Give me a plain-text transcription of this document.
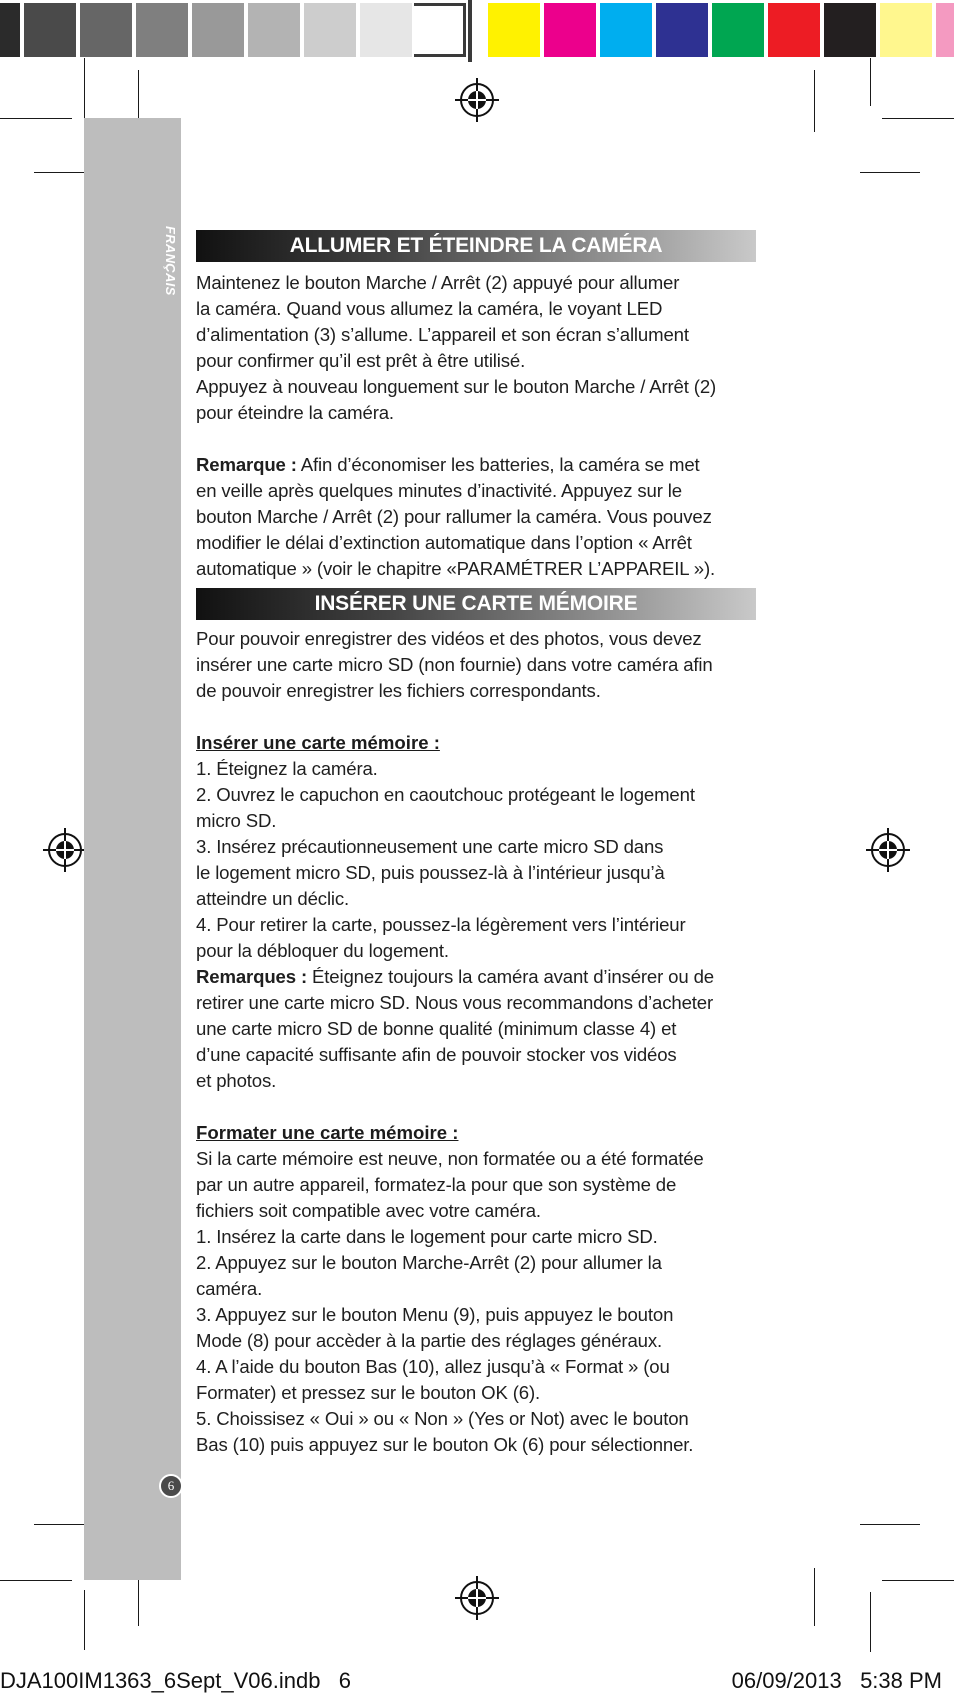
FRANÇAIS
6
ALLUMER ET ÉTEINDRE LA CAMÉRA
Maintenez le bouton Marche / Arrêt (2) appuyé pour allumer
la caméra. Quand vous allumez la caméra, le voyant LED
d’alimentation (3) s’allume. L’appareil et son écran s’allument
pour confirmer qu’il est prêt à être utilisé.
Appuyez à nouveau longuement sur le bouton Marche / Arrêt (2)
pour éteindre la caméra.
Remarque : Afin d’économiser les batteries, la caméra se met
en veille après quelques minutes d’inactivité. Appuyez sur le
bouton Marche / Arrêt (2) pour rallumer la caméra. Vous pouvez
modifier le délai d’extinction automatique dans l’option « Arrêt
automatique » (voir le chapitre «PARAMÉTRER L’APPAREIL »).
INSÉRER UNE CARTE MÉMOIRE
Pour pouvoir enregistrer des vidéos et des photos, vous devez
insérer une carte micro SD (non fournie) dans votre caméra afin
de pouvoir enregistrer les fichiers correspondants.
Insérer une carte mémoire :
1. Éteignez la caméra.
2. Ouvrez le capuchon en caoutchouc protégeant le logement
micro SD.
3. Insérez précautionneusement une carte micro SD dans
le logement micro SD, puis poussez-là à l’intérieur jusqu’à
atteindre un déclic.
4. Pour retirer la carte, poussez-la légèrement vers l’intérieur
pour la débloquer du logement.
Remarques : Éteignez toujours la caméra avant d’insérer ou de
retirer une carte micro SD. Nous vous recommandons d’acheter
une carte micro SD de bonne qualité (minimum classe 4) et
d’une capacité suffisante afin de pouvoir stocker vos vidéos
et photos.
Formater une carte mémoire :
Si la carte mémoire est neuve, non formatée ou a été formatée
par un autre appareil, formatez-la pour que son système de
fichiers soit compatible avec votre caméra.
1. Insérez la carte dans le logement pour carte micro SD.
2. Appuyez sur le bouton Marche-Arrêt (2) pour allumer la
caméra.
3. Appuyez sur le bouton Menu (9), puis appuyez le bouton
Mode (8) pour accèder à la partie des réglages généraux.
4. A l’aide du bouton Bas (10), allez jusqu’à « Format » (ou
Formater) et pressez sur le bouton OK (6).
5. Choissisez « Oui » ou « Non » (Yes or Not) avec le bouton
Bas (10) puis appuyez sur le bouton Ok (6) pour sélectionner.
DJA100IM1363_6Sept_V06.indb   6	06/09/2013   5:38 PM
